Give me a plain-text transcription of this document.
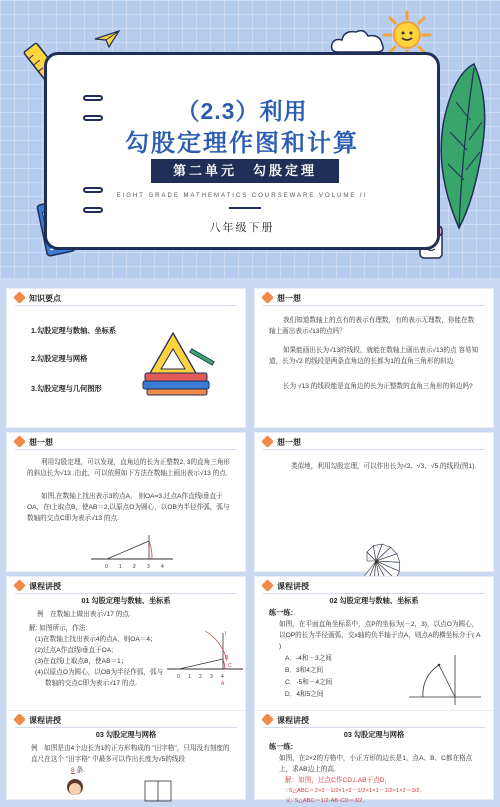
（2.3）利用
勾股定理作图和计算
第二单元　勾股定理
EIGHT GRADE MATHEMATICS COURSEWARE VOLUME II
八年级下册
知识要点
1.勾股定理与数轴、坐标系
2.勾股定理与网格
3.勾股定理与几何图形
想一想
我们知道数轴上的点有的表示有理数，有的表示无理数，你能在数轴上画出表示√13的点吗？
如果能画出长为√13的线段，就能在数轴上画出表示√13的点 容易知道，长为√2 的线段是两条直角边的长都为1的直角三角形的斜边.
长为 √13 的线段能是直角边的长为正整数的直角三角形的斜边吗?
想一想
利用勾股定理，可以发现，直角边的长为正整数2, 3的直角三角形的斜边长为√13 .由此，可以依照如下方法在数轴上画出表示√13 的点.
如图,在数轴上找出表示3的点A， 则OA=3,过点A作直线l垂直于OA，在l上取点B，使AB＝2,以原点O为圆心，以OB为半径作弧，弧与数轴的交点C即为表示√13 的点.
0 1 2 3 4
想一想
类似地，利用勾股定理，可以作出长为√2、√3、√5 的线段(图1).
课程讲授
01 勾股定理与数轴、坐标系
例　在数轴上做出表示√17 的点.
解: 如图所示，作法:
(1)在数轴上找出表示4的点A，则OA＝4；
(2)过点A作直线l垂直于OA;
(3)在直线l上取点B，使AB＝1；
(4)以原点O为圆心，以OB为半径作弧，弧与
数轴的交点C即为表示√17 的点.
0 1 2 3 4
A
B
C
l
课程讲授
02 勾股定理与数轴、坐标系
练一练:
如图，在平面直角坐标系中，点P的坐标为(－2，3)，以点O为圆心，以OP的长为半径画弧，交x轴的负半轴于点A，则点A的横坐标介于( A )
A．-4和－3之间
B．3和4之间
C．-5和－4之间
D．4和5之间
课程讲授
03 勾股定理与网格
例　如图是由4个边长为1的正方形构成的 "田字格"，只用没有刻度的直尺在这个 "田字格" 中最多可以作出长度为√5的线段
8 条.
课程讲授
03 勾股定理与网格
练一练:
如图，在2×2的方格中，小正方形的边长是1，点A、B、C都在格点上，求AB边上的高.
解：如图，过点C作CD⊥AB于点D，
∵S△ABC＝2×2－1/2×1×2－1/2×1×1－1/2×1×2＝3/2,
又∵S△ABC＝1/2·AB·CD＝3/2,
